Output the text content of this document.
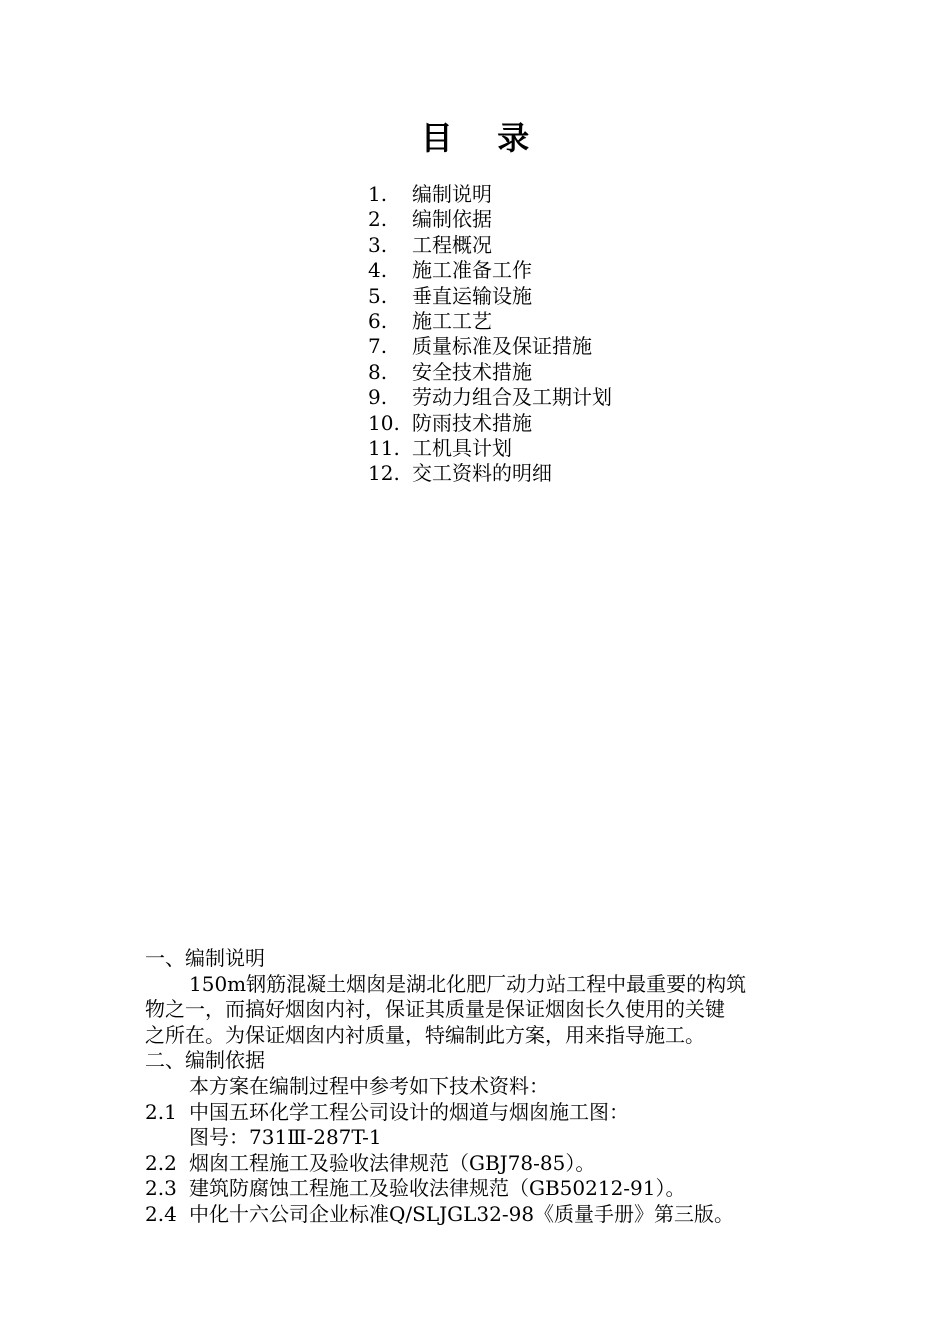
目    录
1.	编制说明
2.	编制依据
3.	工程概况
4.	施工准备工作
5.	垂直运输设施
6.	施工工艺
7.	质量标准及保证措施
8.	安全技术措施
9.	劳动力组合及工期计划
10. 防雨技术措施
11. 工机具计划
12. 交工资料的明细
一、编制说明
150m钢筋混凝土烟囱是湖北化肥厂动力站工程中最重要的构筑
物之一，而搞好烟囱内衬，保证其质量是保证烟囱长久使用的关键
之所在。为保证烟囱内衬质量，特编制此方案，用来指导施工。
二、编制依据
本方案在编制过程中参考如下技术资料：
2.1 中国五环化学工程公司设计的烟道与烟囱施工图：
图号：731Ⅲ-287T-1
2.2 烟囱工程施工及验收法律规范（GBJ78-85）。
2.3 建筑防腐蚀工程施工及验收法律规范（GB50212-91）。
2.4 中化十六公司企业标准Q/SLJGL32-98《质量手册》第三版。
